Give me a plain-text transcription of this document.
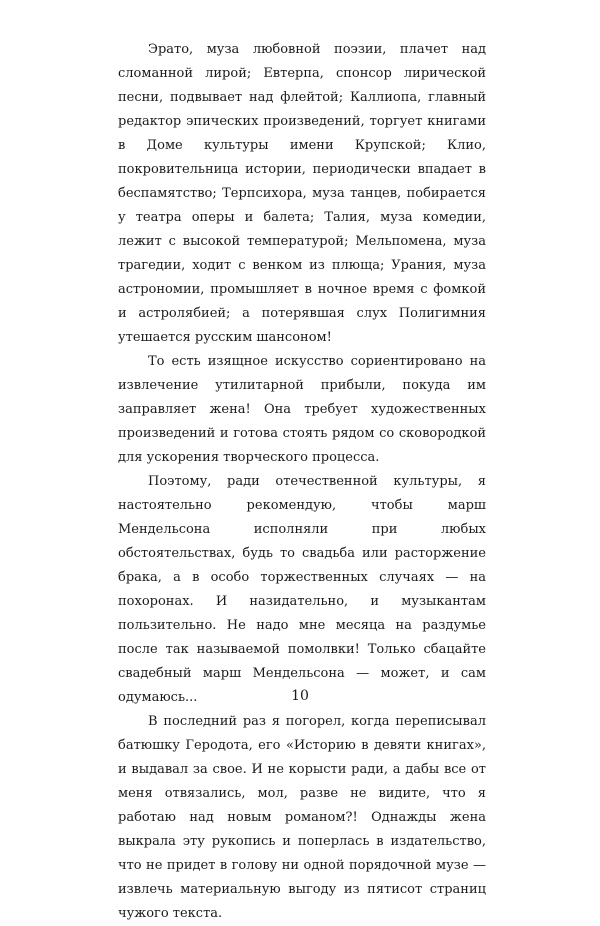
Эрато, муза любовной поэзии, плачет над сломанной лирой; Евтерпа, спонсор лирической песни, подвывает над флейтой; Каллиопа, главный редактор эпических произведений, торгует книгами в Доме культуры имени Крупской; Клио, покровительница истории, периодически впадает в беспамятство; Терпсихора, муза танцев, побирается у театра оперы и балета; Талия, муза комедии, лежит с высокой температурой; Мельпомена, муза трагедии, ходит с венком из плюща; Урания, муза астрономии, промышляет в ночное время с фомкой и астролябией; а потерявшая слух Полигимния утешается русским шансоном!

То есть изящное искусство сориентировано на извлечение утилитарной прибыли, покуда им заправляет жена! Она требует художественных произведений и готова стоять рядом со сковородкой для ускорения творческого процесса.

Поэтому, ради отечественной культуры, я настоятельно рекомендую, чтобы марш Мендельсона исполняли при любых обстоятельствах, будь то свадьба или расторжение брака, а в особо торжественных случаях — на похоронах. И назидательно, и музыкантам пользительно. Не надо мне месяца на раздумье после так называемой помолвки! Только сбацайте свадебный марш Мендельсона — может, и сам одумаюсь...

В последний раз я погорел, когда переписывал батюшку Геродота, его «Историю в девяти книгах», и выдавал за свое. И не корысти ради, а дабы все от меня отвязались, мол, разве не видите, что я работаю над новым романом?! Однажды жена выкрала эту рукопись и поперлась в издательство, что не придет в голову ни одной порядочной музе — извлечь материальную выгоду из пятисот страниц чужого текста.

10
